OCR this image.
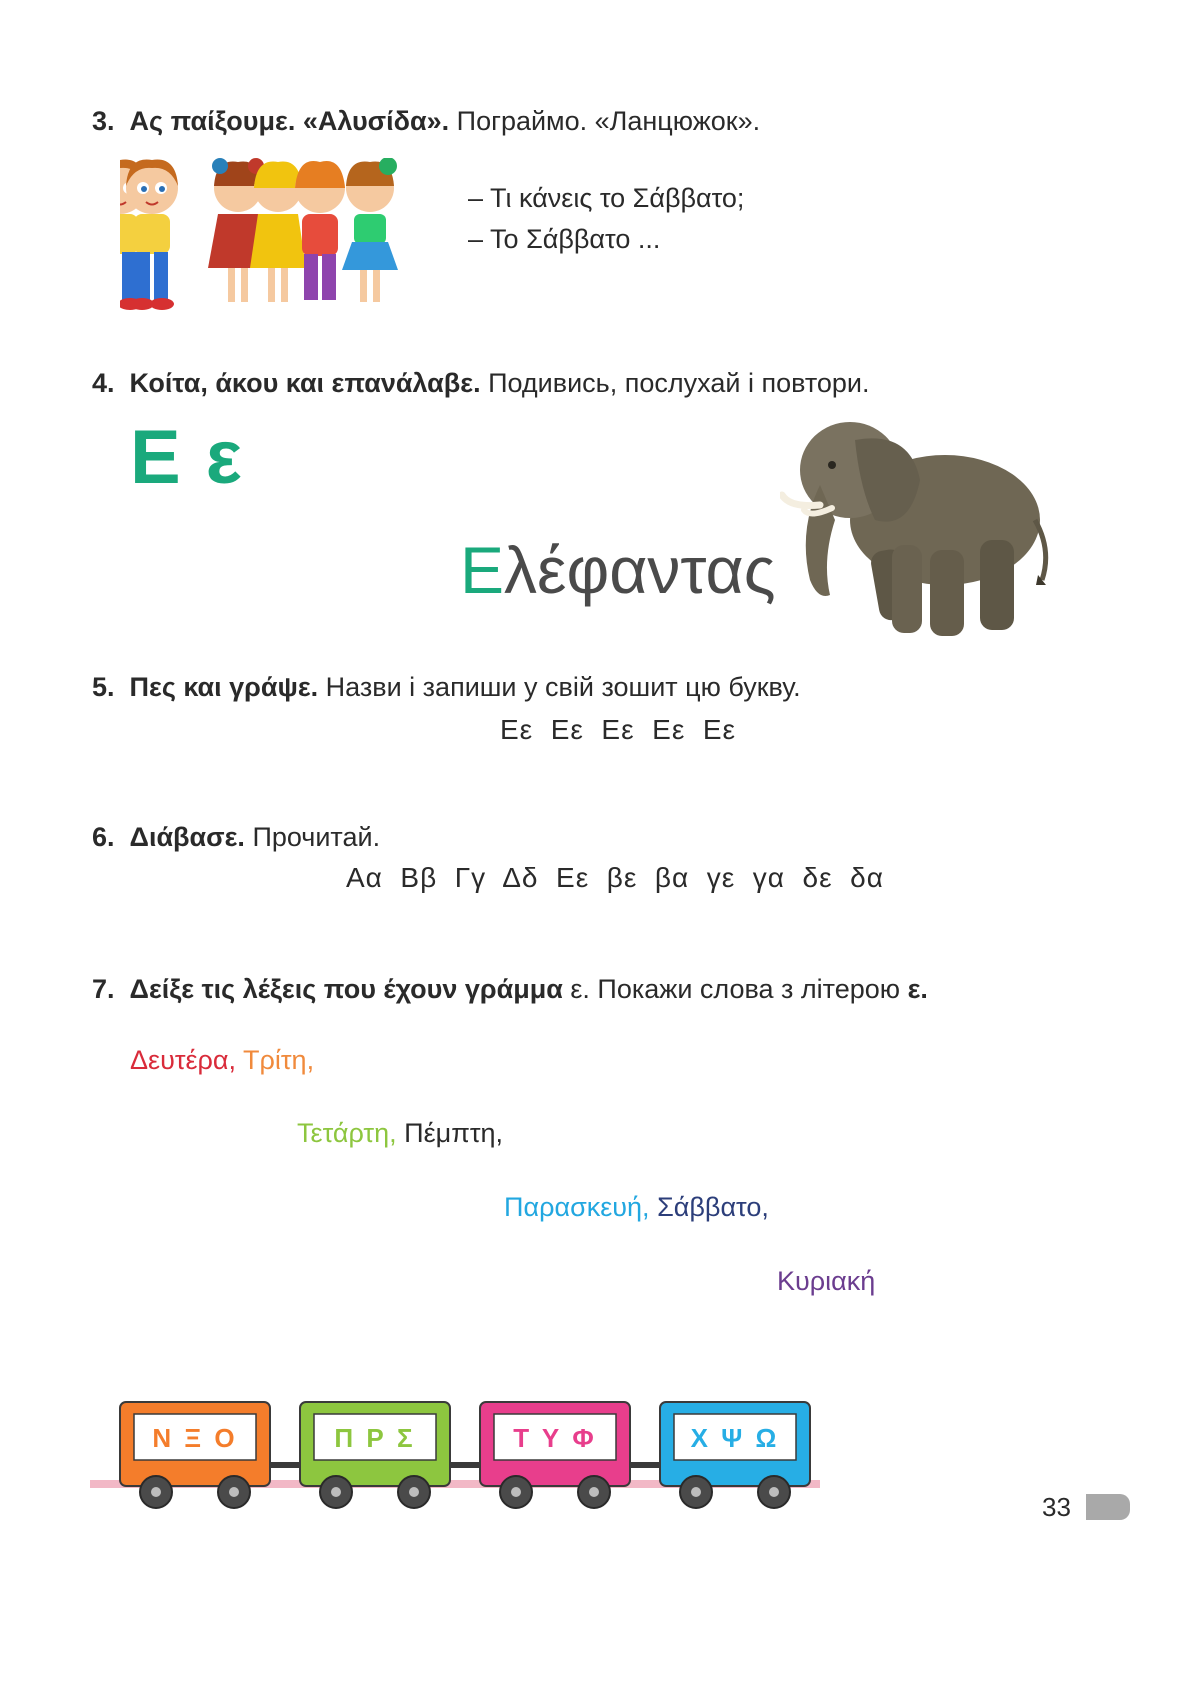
3. Ας παίξουμε. «Αλυσίδα». Пограймо. «Ланцюжок».
– Τι κάνεις το Σάββατο;
– Το Σάββατο ...
4. Κοίτα, άκου και επανάλαβε. Подивись, послухай і повтори.
Ε ε
Ελέφαντας
5. Πες και γράψε. Назви і запиши у свій зошит цю букву.
Εε  Εε  Εε  Εε  Εε
6. Διάβασε. Прочитай.
Αα  Ββ  Γγ  Δδ  Εε  βε  βα  γε  γα  δε  δα
7. Δείξε τις λέξεις που έχουν γράμμα ε. Покажи слова з літерою ε.
Δευτέρα, Τρίτη,
Τετάρτη, Πέμπτη,
Παρασκευή, Σάββατο,
Κυριακή
Ν Ξ Ο	Π Ρ Σ	Τ Υ Φ	Χ Ψ Ω
33
